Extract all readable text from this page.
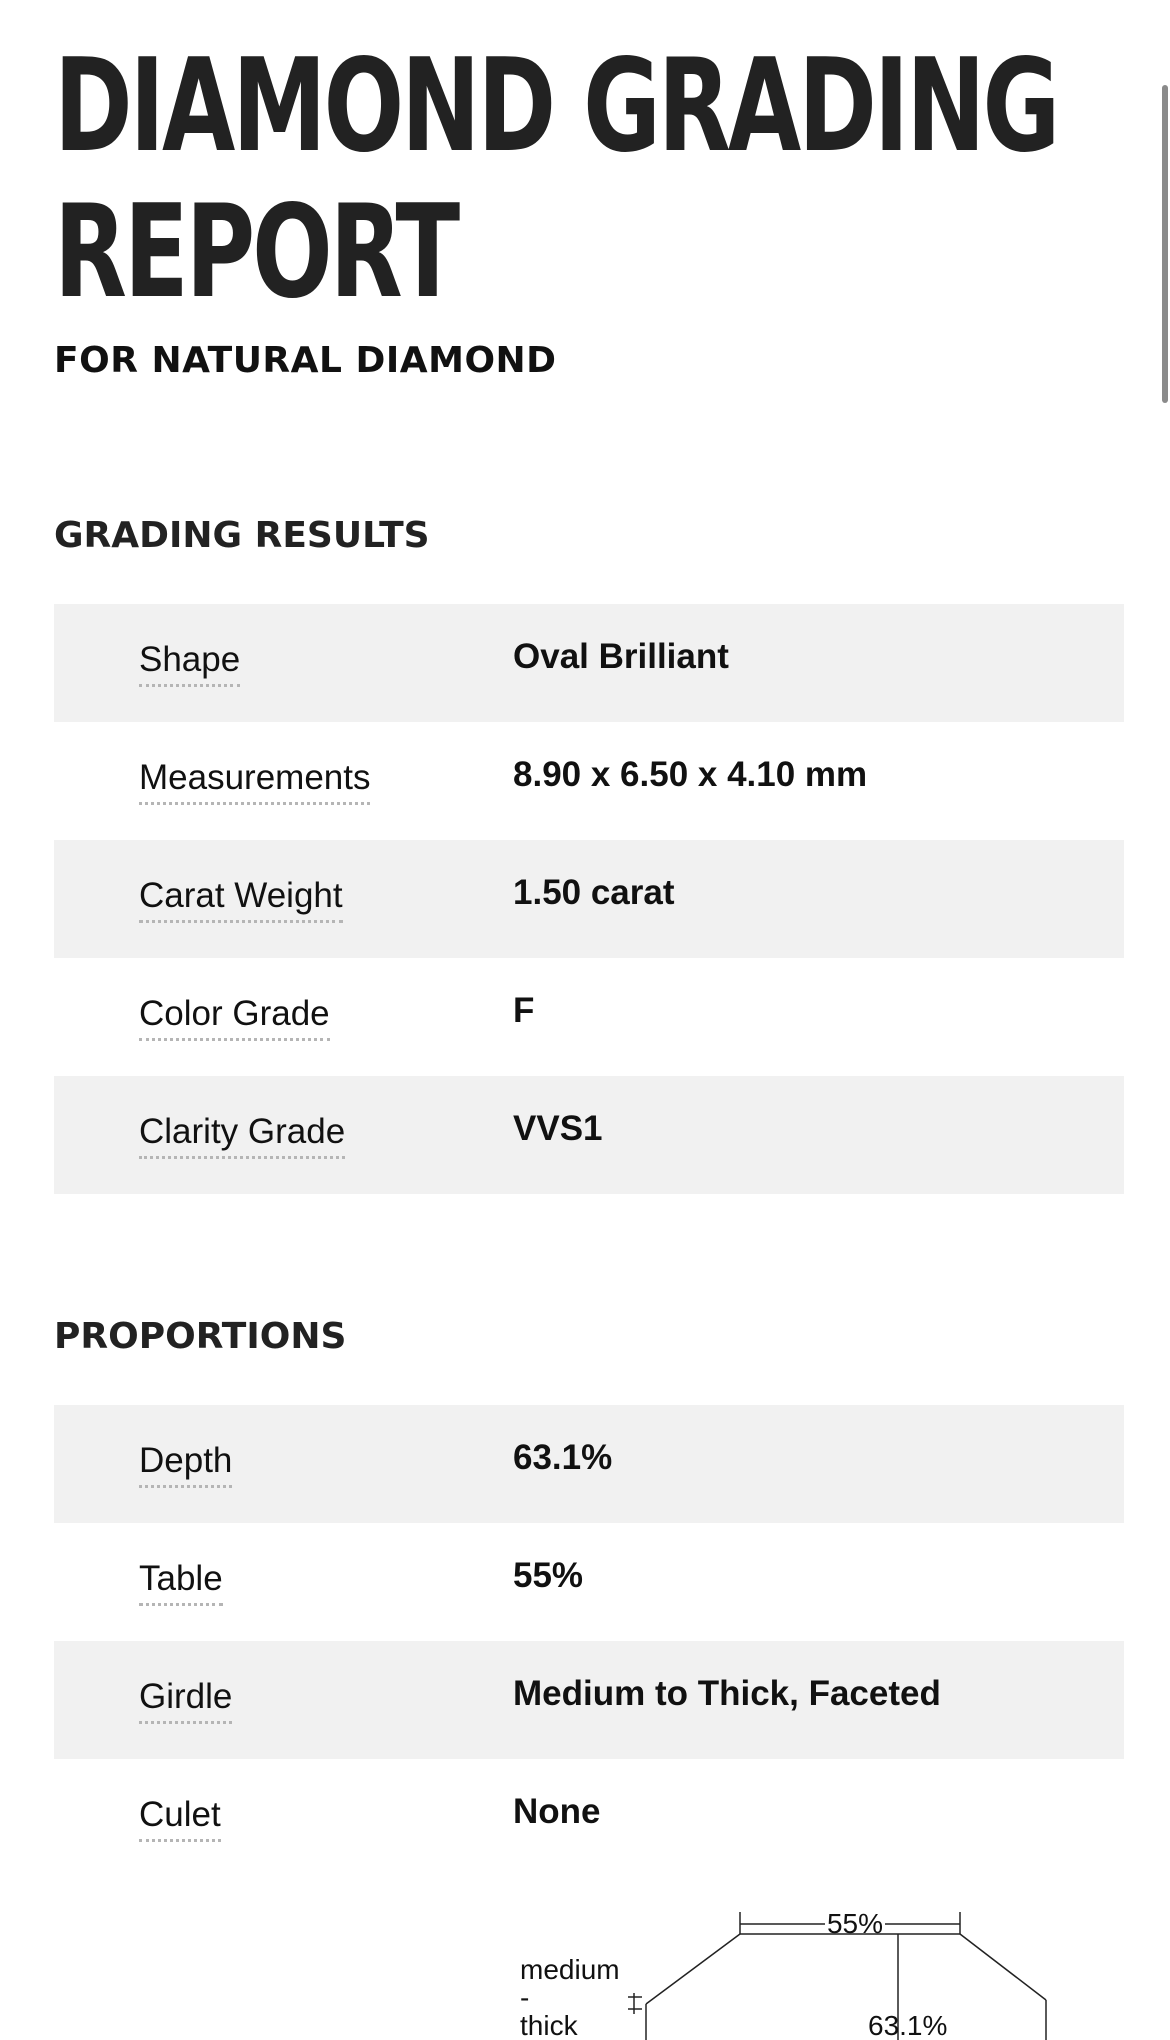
DIAMOND GRADING
REPORT
FOR NATURAL DIAMOND
GRADING RESULTS
Shape	Oval Brilliant
Measurements	8.90 x 6.50 x 4.10 mm
Carat Weight	1.50 carat
Color Grade	F
Clarity Grade	VVS1
PROPORTIONS
Depth	63.1%
Table	55%
Girdle	Medium to Thick, Faceted
Culet	None
55%
medium
-
thick	63.1%
